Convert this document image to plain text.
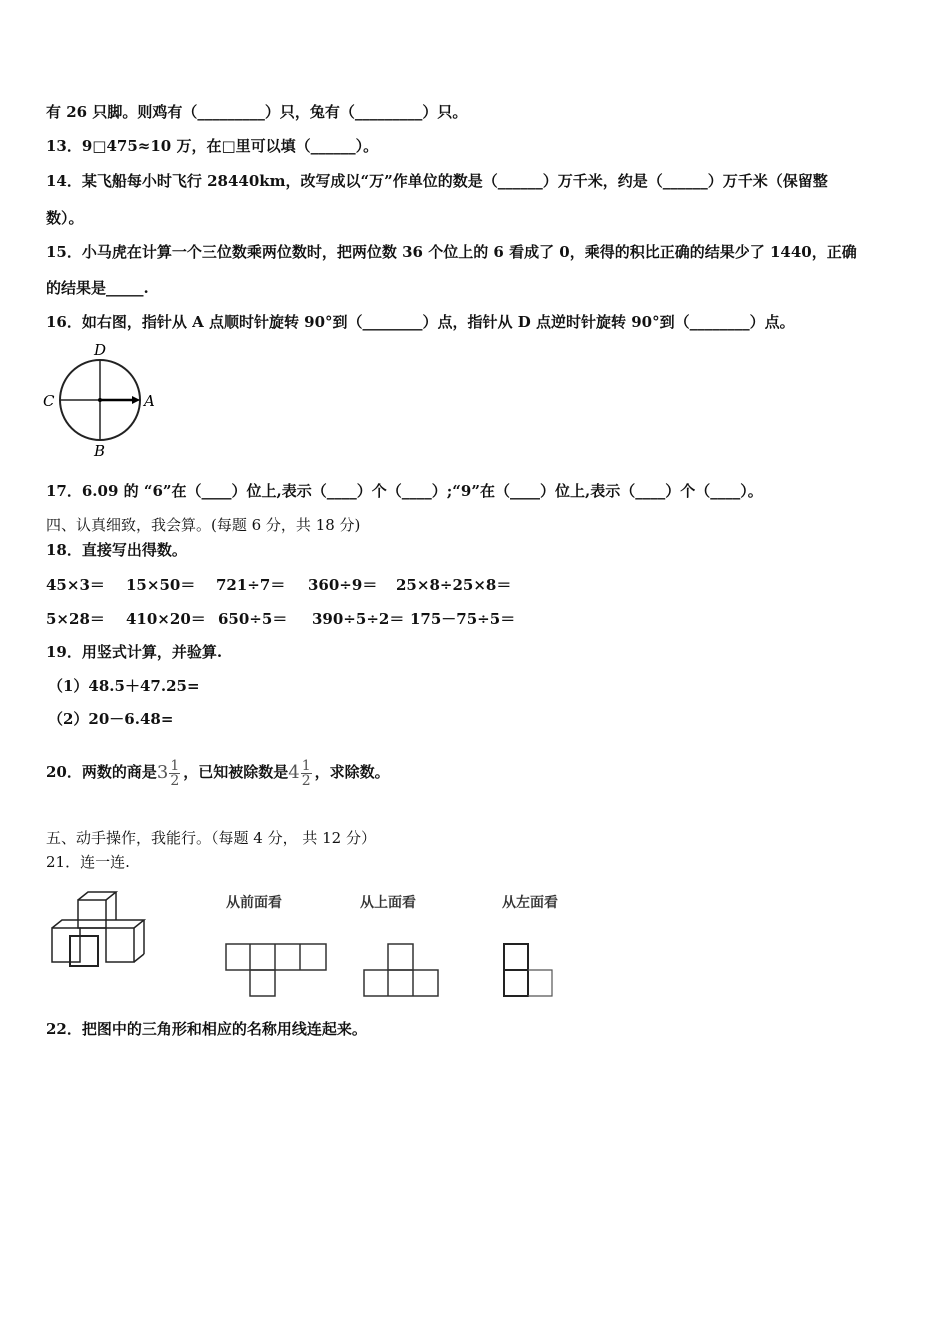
有 26 只脚。则鸡有（_________）只，兔有（_________）只。
13．9□475≈10 万，在□里可以填（______）。
14．某飞船每小时飞行 28440km，改写成以“万”作单位的数是（______）万千米，约是（______）万千米（保留整
数）。
15．小马虎在计算一个三位数乘两位数时，把两位数 36 个位上的 6 看成了 0，乘得的积比正确的结果少了 1440，正确
的结果是_____.
16．如右图，指针从 A 点顺时针旋转 90°到（________）点，指针从 D 点逆时针旋转 90°到（________）点。
D
C	A
B
17．6.09 的 “6”在（____）位上,表示（____）个（____）;“9”在（____）位上,表示（____）个（____）。
四、认真细致，我会算。(每题 6 分，共 18 分)
18．直接写出得数。
45×3＝ 15×50＝ 721÷7＝ 360÷9＝ 25×8÷25×8＝
5×28＝ 410×20＝ 650÷5＝ 390÷5÷2＝ 175－75÷5＝
19．用竖式计算，并验算.
（1）48.5＋47.25=
（2）20－6.48=
20．两数的商是$3 \frac{1}{2}$ ，已知被除数是$4 \frac{1}{2}$ ，求除数。
五、动手操作，我能行。（每题 4 分， 共 12 分）
21．连一连.
从前面看	从上面看	从左面看
22．把图中的三角形和相应的名称用线连起来。
